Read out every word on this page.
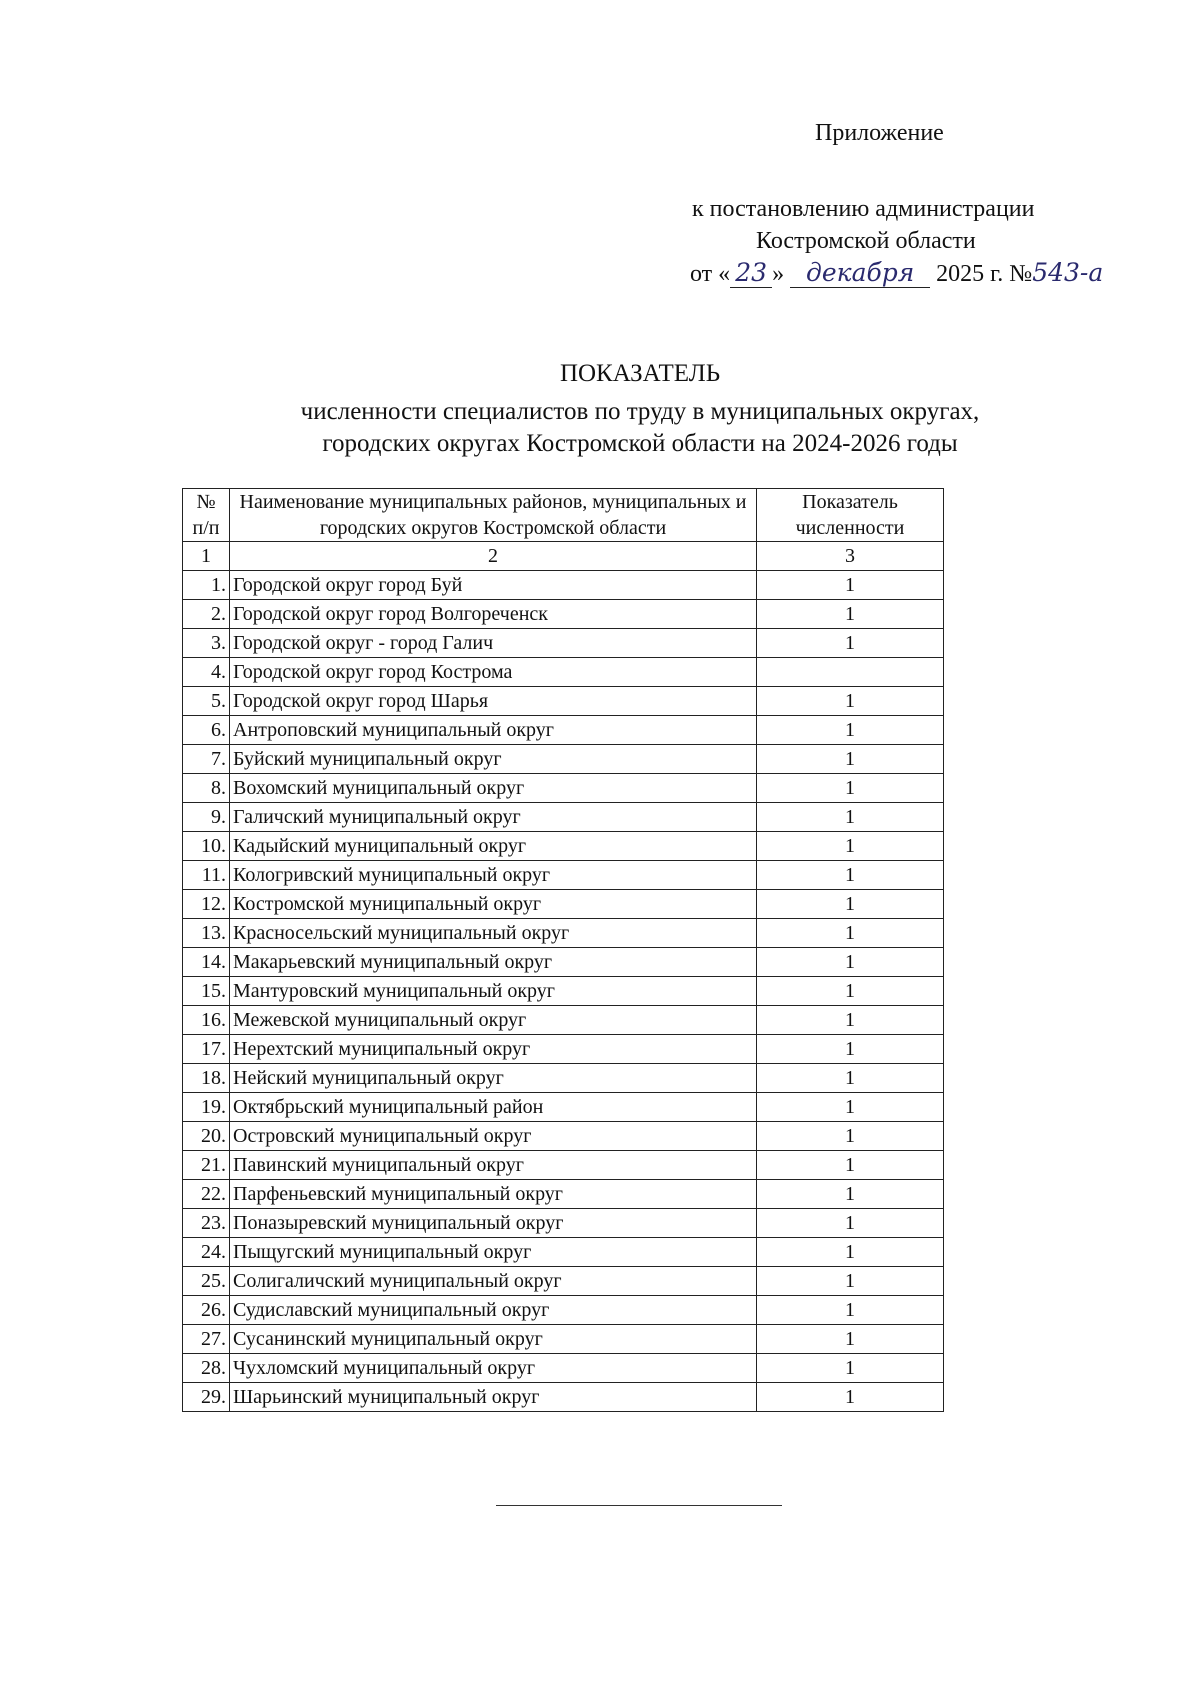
Приложение
к постановлению администрации
Костромской области
от « 23 » декабря 2025 г. №543-а
ПОКАЗАТЕЛЬ
численности специалистов по труду в муниципальных округах,
городских округах Костромской области на 2024-2026 годы
№ п/п	Наименование муниципальных районов, муниципальных и городских округов Костромской области	Показатель численности
1	2	3
1.	Городской округ город Буй	1
2.	Городской округ город Волгореченск	1
3.	Городской округ - город Галич	1
4.	Городской округ город Кострома	
5.	Городской округ город Шарья	1
6.	Антроповский муниципальный округ	1
7.	Буйский муниципальный округ	1
8.	Вохомский муниципальный округ	1
9.	Галичский муниципальный округ	1
10.	Кадыйский муниципальный округ	1
11.	Кологривский муниципальный округ	1
12.	Костромской муниципальный округ	1
13.	Красносельский муниципальный округ	1
14.	Макарьевский муниципальный округ	1
15.	Мантуровский муниципальный округ	1
16.	Межевской муниципальный округ	1
17.	Нерехтский муниципальный округ	1
18.	Нейский муниципальный округ	1
19.	Октябрьский муниципальный район	1
20.	Островский муниципальный округ	1
21.	Павинский муниципальный округ	1
22.	Парфеньевский муниципальный округ	1
23.	Поназыревский муниципальный округ	1
24.	Пыщугский муниципальный округ	1
25.	Солигаличский муниципальный округ	1
26.	Судиславский муниципальный округ	1
27.	Сусанинский муниципальный округ	1
28.	Чухломский муниципальный округ	1
29.	Шарьинский муниципальный округ	1
